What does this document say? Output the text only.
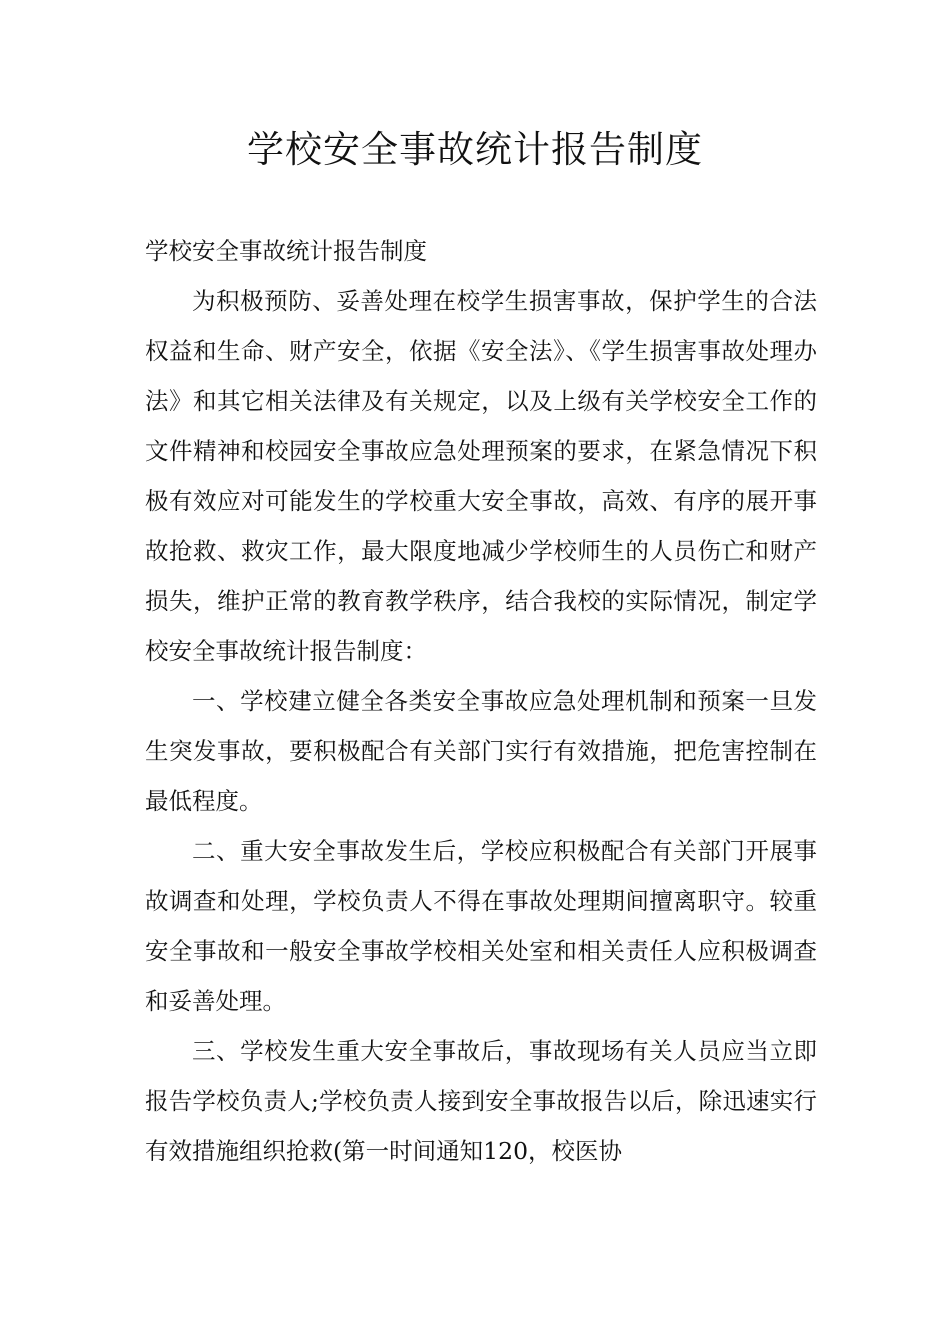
学校安全事故统计报告制度

学校安全事故统计报告制度

为积极预防、妥善处理在校学生损害事故，保护学生的合法权益和生命、财产安全，依据《安全法》、《学生损害事故处理办法》和其它相关法律及有关规定，以及上级有关学校安全工作的文件精神和校园安全事故应急处理预案的要求，在紧急情况下积极有效应对可能发生的学校重大安全事故，高效、有序的展开事故抢救、救灾工作，最大限度地减少学校师生的人员伤亡和财产损失，维护正常的教育教学秩序，结合我校的实际情况，制定学校安全事故统计报告制度：

一、学校建立健全各类安全事故应急处理机制和预案一旦发生突发事故，要积极配合有关部门实行有效措施，把危害控制在最低程度。

二、重大安全事故发生后，学校应积极配合有关部门开展事故调查和处理，学校负责人不得在事故处理期间擅离职守。较重安全事故和一般安全事故学校相关处室和相关责任人应积极调查和妥善处理。

三、学校发生重大安全事故后，事故现场有关人员应当立即报告学校负责人;学校负责人接到安全事故报告以后，除迅速实行有效措施组织抢救(第一时间通知120，校医协
